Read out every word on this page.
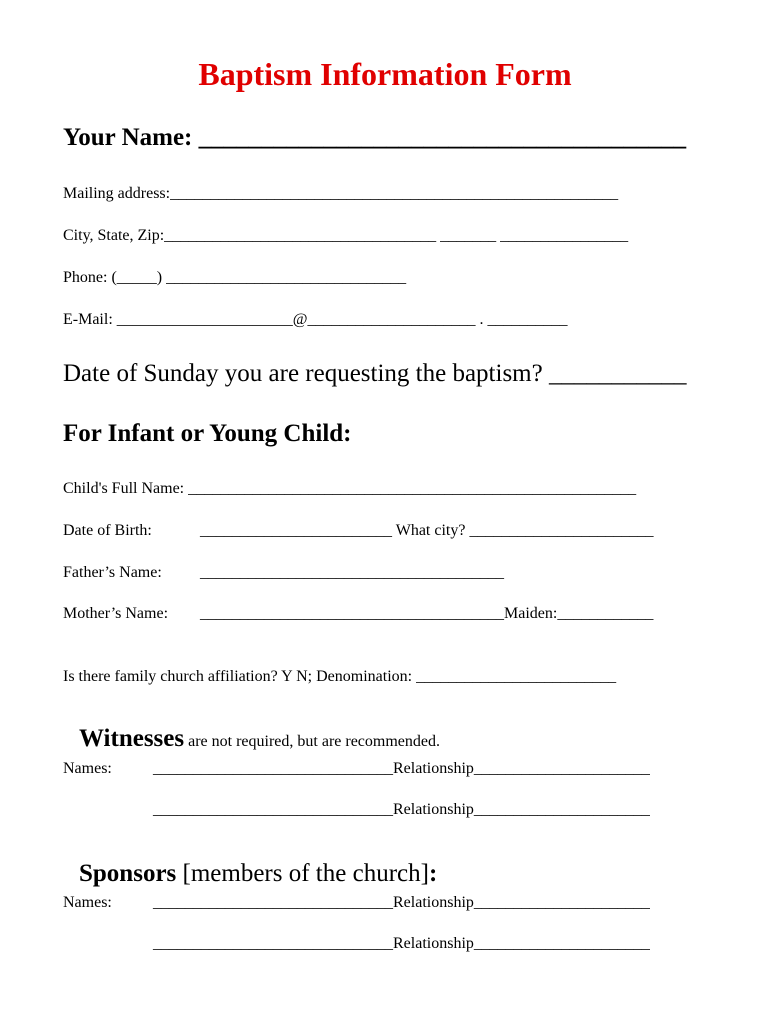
Baptism Information Form
Your Name: _______________________________________
Mailing address:________________________________________________________
City, State, Zip:__________________________________ _______ ________________
Phone: (_____) ______________________________
E-Mail: ______________________@_____________________ . __________
Date of Sunday you are requesting the baptism? ___________
For Infant or Young Child:
Child's Full Name: ________________________________________________________
Date of Birth:	________________________ What city? _______________________
Father’s Name: ______________________________________
Mother’s Name: ______________________________________Maiden:____________
Is there family church affiliation? Y N; Denomination: _________________________

Witnesses are not required, but are recommended.

Names:	______________________________Relationship______________________
______________________________Relationship______________________

Sponsors [members of the church]:

Names:	______________________________Relationship______________________
______________________________Relationship______________________
